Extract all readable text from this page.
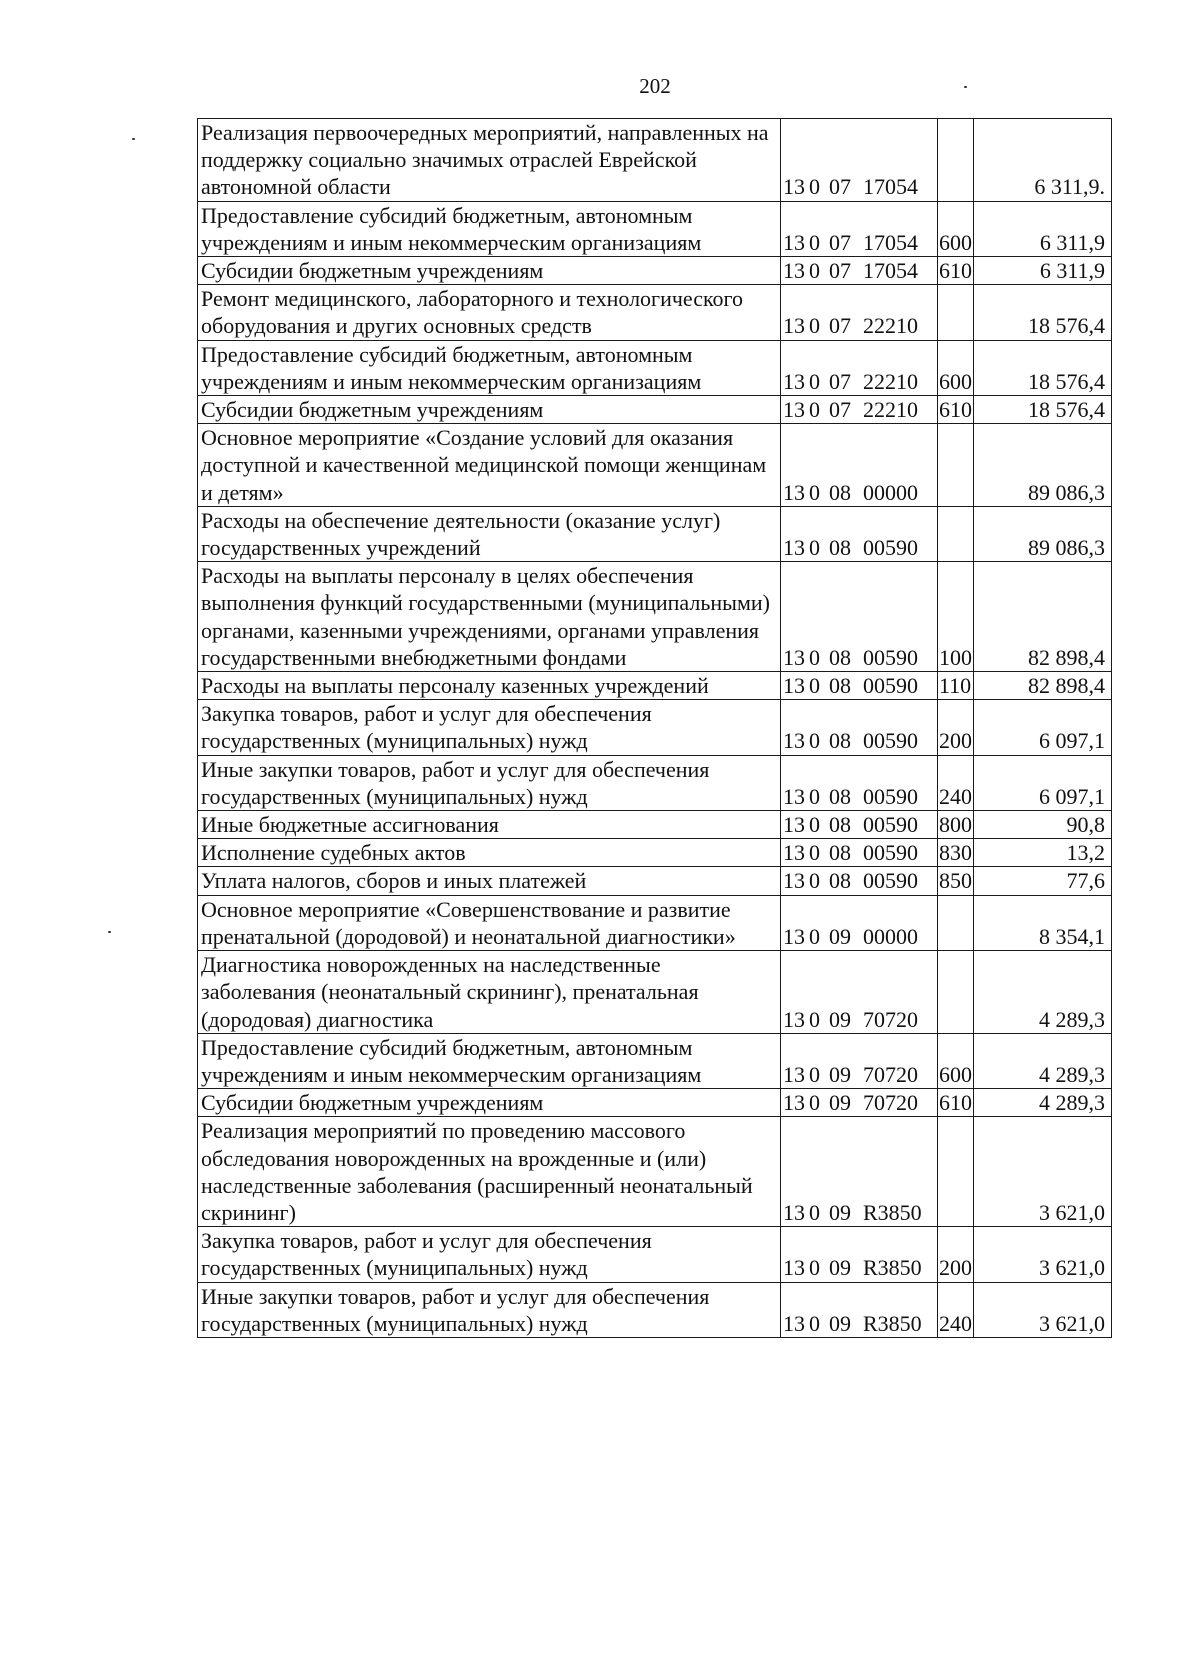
202
Реализация первоочередных мероприятий, направленных на поддержку социально значимых отраслей Еврейской автономной области	13 0 07 17054		6 311,9.
Предоставление субсидий бюджетным, автономным учреждениям и иным некоммерческим организациям	13 0 07 17054	600	6 311,9
Субсидии бюджетным учреждениям	13 0 07 17054	610	6 311,9
Ремонт медицинского, лабораторного и технологического оборудования и других основных средств	13 0 07 22210		18 576,4
Предоставление субсидий бюджетным, автономным учреждениям и иным некоммерческим организациям	13 0 07 22210	600	18 576,4
Субсидии бюджетным учреждениям	13 0 07 22210	610	18 576,4
Основное мероприятие «Создание условий для оказания доступной и качественной медицинской помощи женщинам и детям»	13 0 08 00000		89 086,3
Расходы на обеспечение деятельности (оказание услуг) государственных учреждений	13 0 08 00590		89 086,3
Расходы на выплаты персоналу в целях обеспечения выполнения функций государственными (муниципальными) органами, казенными учреждениями, органами управления государственными внебюджетными фондами	13 0 08 00590	100	82 898,4
Расходы на выплаты персоналу казенных учреждений	13 0 08 00590	110	82 898,4
Закупка товаров, работ и услуг для обеспечения государственных (муниципальных) нужд	13 0 08 00590	200	6 097,1
Иные закупки товаров, работ и услуг для обеспечения государственных (муниципальных) нужд	13 0 08 00590	240	6 097,1
Иные бюджетные ассигнования	13 0 08 00590	800	90,8
Исполнение судебных актов	13 0 08 00590	830	13,2
Уплата налогов, сборов и иных платежей	13 0 08 00590	850	77,6
Основное мероприятие «Совершенствование и развитие пренатальной (дородовой) и неонатальной диагностики»	13 0 09 00000		8 354,1
Диагностика новорожденных на наследственные заболевания (неонатальный скрининг), пренатальная (дородовая) диагностика	13 0 09 70720		4 289,3
Предоставление субсидий бюджетным, автономным учреждениям и иным некоммерческим организациям	13 0 09 70720	600	4 289,3
Субсидии бюджетным учреждениям	13 0 09 70720	610	4 289,3
Реализация мероприятий по проведению массового обследования новорожденных на врожденные и (или) наследственные заболевания (расширенный неонатальный скрининг)	13 0 09 R3850		3 621,0
Закупка товаров, работ и услуг для обеспечения государственных (муниципальных) нужд	13 0 09 R3850	200	3 621,0
Иные закупки товаров, работ и услуг для обеспечения государственных (муниципальных) нужд	13 0 09 R3850	240	3 621,0
